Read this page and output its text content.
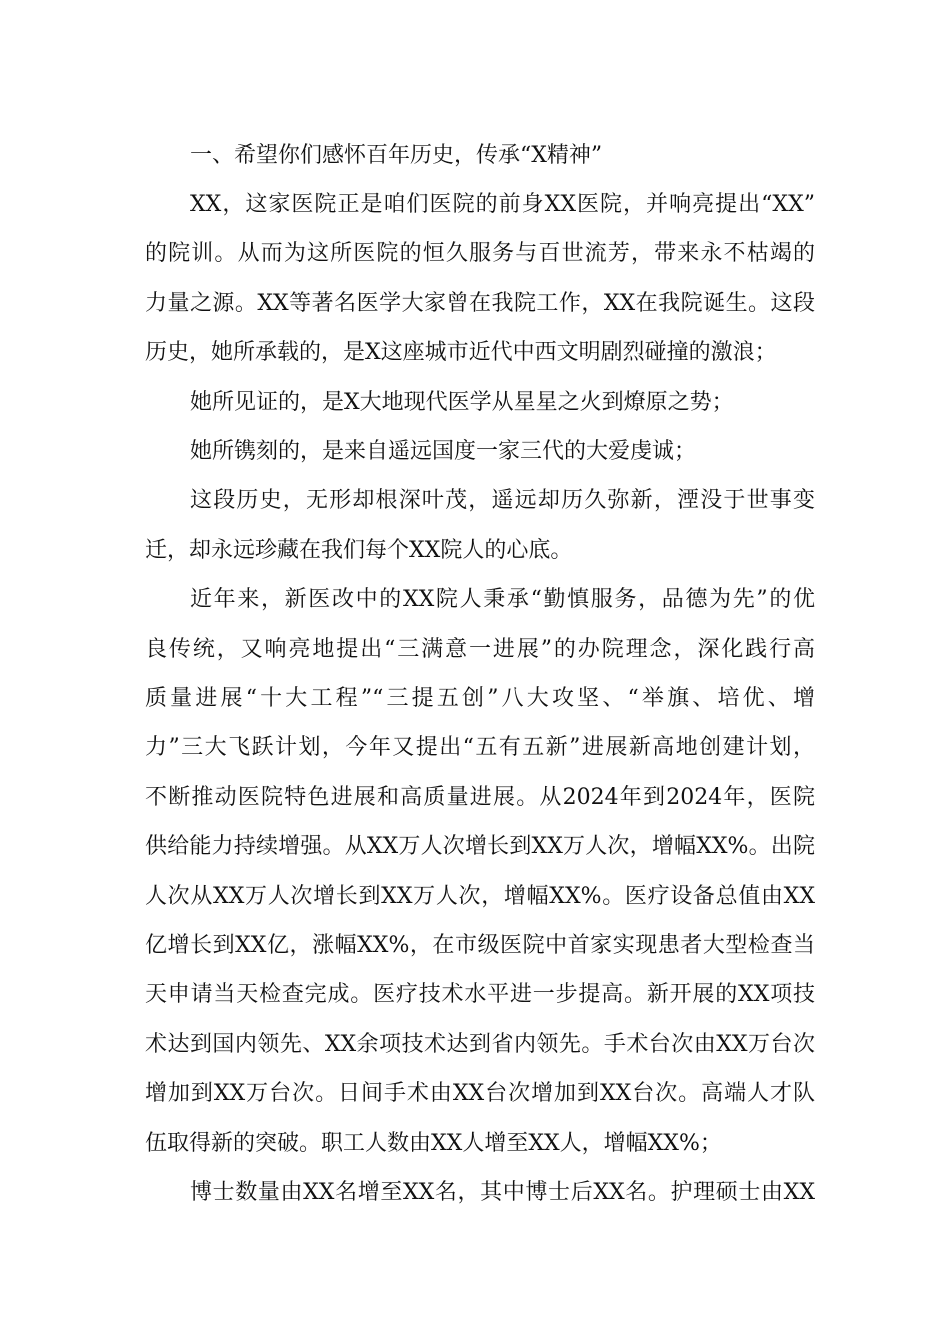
一、希望你们感怀百年历史，传承“X精神”

XX，这家医院正是咱们医院的前身XX医院，并响亮提出“XX”

的院训。从而为这所医院的恒久服务与百世流芳，带来永不枯竭的

力量之源。XX等著名医学大家曾在我院工作，XX在我院诞生。这段

历史，她所承载的，是X这座城市近代中西文明剧烈碰撞的激浪；

她所见证的，是X大地现代医学从星星之火到燎原之势；

她所镌刻的，是来自遥远国度一家三代的大爱虔诚；

这段历史，无形却根深叶茂，遥远却历久弥新，湮没于世事变

迁，却永远珍藏在我们每个XX院人的心底。

近年来，新医改中的XX院人秉承“勤慎服务，品德为先”的优

良传统，又响亮地提出“三满意一进展”的办院理念，深化践行高

质量进展“十大工程”“三提五创”八大攻坚、“举旗、培优、增

力”三大飞跃计划，今年又提出“五有五新”进展新高地创建计划，

不断推动医院特色进展和高质量进展。从2024年到2024年，医院

供给能力持续增强。从XX万人次增长到XX万人次，增幅XX%。出院

人次从XX万人次增长到XX万人次，增幅XX%。医疗设备总值由XX

亿增长到XX亿，涨幅XX%，在市级医院中首家实现患者大型检查当

天申请当天检查完成。医疗技术水平进一步提高。新开展的XX项技

术达到国内领先、XX余项技术达到省内领先。手术台次由XX万台次

增加到XX万台次。日间手术由XX台次增加到XX台次。高端人才队

伍取得新的突破。职工人数由XX人增至XX人，增幅XX%；

博士数量由XX名增至XX名，其中博士后XX名。护理硕士由XX
